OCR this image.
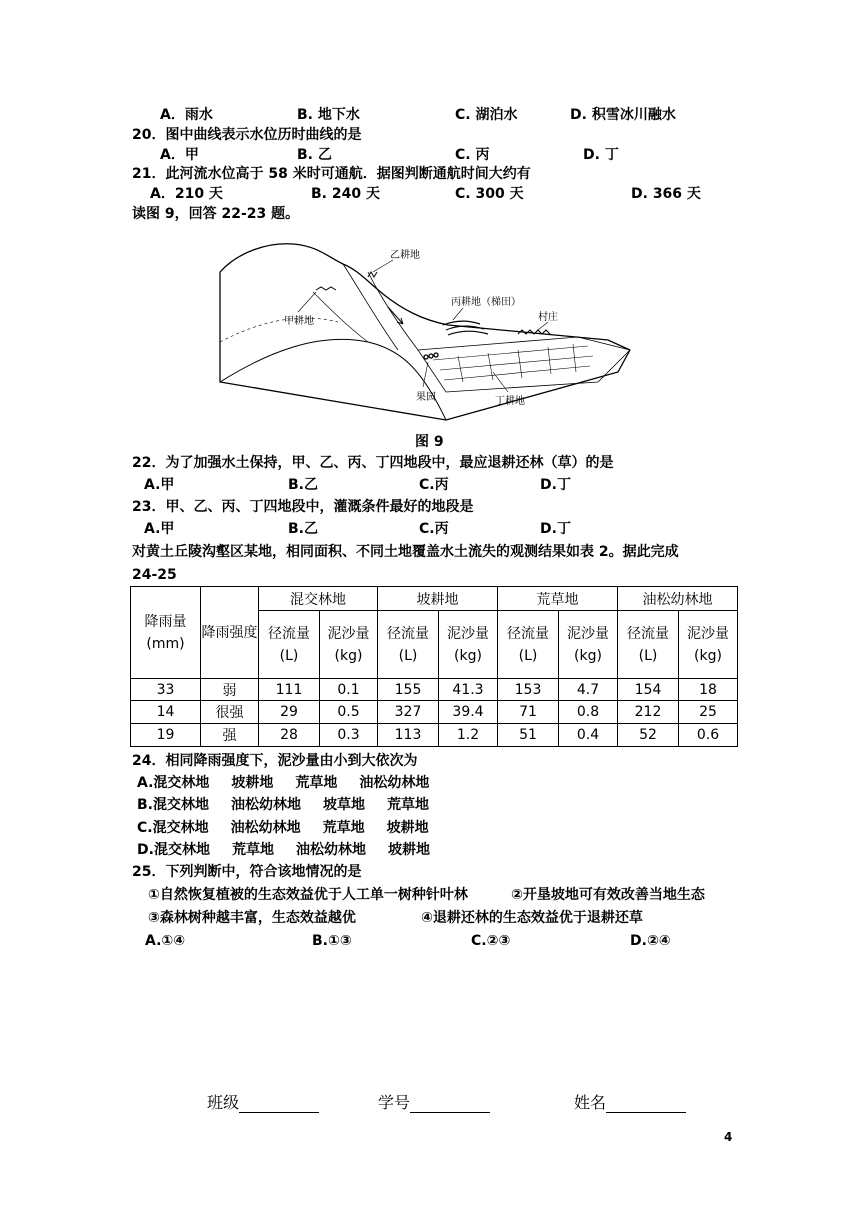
A．雨水	B. 地下水	C. 湖泊水	D. 积雪冰川融水
20．图中曲线表示水位历时曲线的是
A．甲	B. 乙	C. 丙	D. 丁
21．此河流水位高于 58 米时可通航．据图判断通航时间大约有
A．210 天	B. 240 天	C. 300 天	D. 366 天
读图 9，回答 22-23 题。
乙耕地
甲耕地
丙耕地（梯田）
村庄
果园	丁耕地
图 9
22．为了加强水土保持，甲、乙、丙、丁四地段中，最应退耕还林（草）的是
A.甲	B.乙	C.丙	D.丁
23．甲、乙、丙、丁四地段中，灌溉条件最好的地段是
A.甲	B.乙	C.丙	D.丁
对黄土丘陵沟壑区某地，相同面积、不同土地覆盖水土流失的观测结果如表 2。据此完成
24-25
降雨量(mm)	降雨强度	混交林地		坡耕地		荒草地		油松幼林地	
		径流量(L)	泥沙量(kg)	径流量(L)	泥沙量(kg)	径流量(L)	泥沙量(kg)	径流量(L)	泥沙量(kg)
33	弱	111	0.1	155	41.3	153	4.7	154	18
14	很强	29	0.5	327	39.4	71	0.8	212	25
19	强	28	0.3	113	1.2	51	0.4	52	0.6
24．相同降雨强度下，泥沙量由小到大依次为
A.混交林地 坡耕地 荒草地 油松幼林地
B.混交林地 油松幼林地 坡草地 荒草地
C.混交林地 油松幼林地 荒草地 坡耕地
D.混交林地 荒草地 油松幼林地 坡耕地
25．下列判断中，符合该地情况的是
①自然恢复植被的生态效益优于人工单一树种针叶林	②开垦坡地可有效改善当地生态
③森林树种越丰富，生态效益越优	④退耕还林的生态效益优于退耕还草
A.①④	B.①③	C.②③	D.②④
班级	学号	姓名
4
